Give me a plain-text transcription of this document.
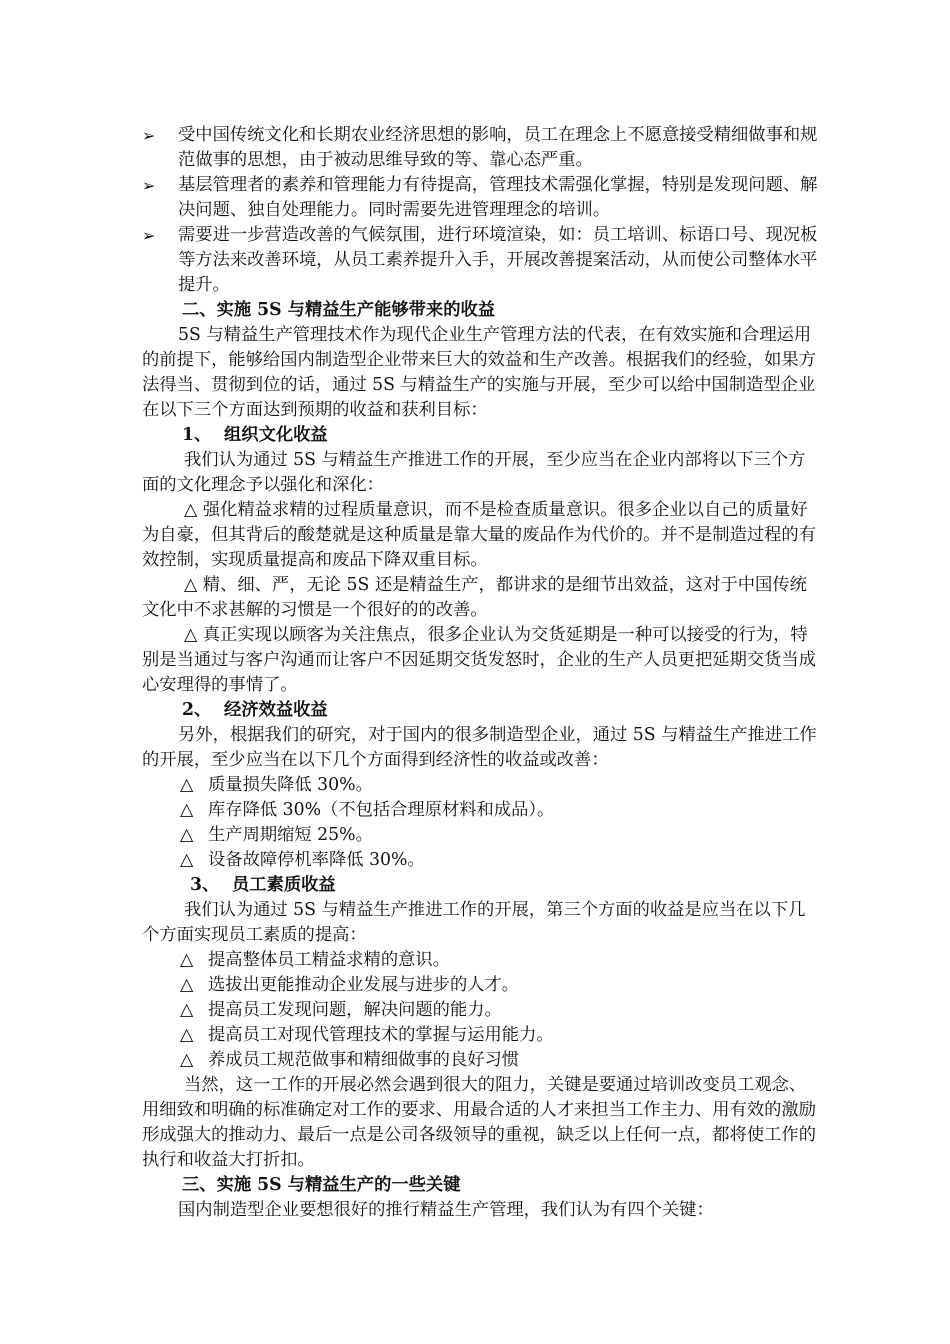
➢	受中国传统文化和长期农业经济思想的影响，员工在理念上不愿意接受精细做事和规范做事的思想，由于被动思维导致的等、靠心态严重。
➢	基层管理者的素养和管理能力有待提高，管理技术需强化掌握，特别是发现问题、解决问题、独自处理能力。同时需要先进管理理念的培训。
➢	需要进一步营造改善的气候氛围，进行环境渲染，如：员工培训、标语口号、现况板等方法来改善环境，从员工素养提升入手，开展改善提案活动，从而使公司整体水平提升。

二、实施 5S 与精益生产能够带来的收益

5S 与精益生产管理技术作为现代企业生产管理方法的代表，在有效实施和合理运用的前提下，能够给国内制造型企业带来巨大的效益和生产改善。根据我们的经验，如果方法得当、贯彻到位的话，通过 5S 与精益生产的实施与开展，至少可以给中国制造型企业在以下三个方面达到预期的收益和获利目标：

1、 组织文化收益

我们认为通过 5S 与精益生产推进工作的开展，至少应当在企业内部将以下三个方面的文化理念予以强化和深化：

△ 强化精益求精的过程质量意识，而不是检查质量意识。很多企业以自己的质量好为自豪，但其背后的酸楚就是这种质量是靠大量的废品作为代价的。并不是制造过程的有效控制，实现质量提高和废品下降双重目标。

△ 精、细、严，无论 5S 还是精益生产，都讲求的是细节出效益，这对于中国传统文化中不求甚解的习惯是一个很好的的改善。

△ 真正实现以顾客为关注焦点，很多企业认为交货延期是一种可以接受的行为，特别是当通过与客户沟通而让客户不因延期交货发怒时，企业的生产人员更把延期交货当成心安理得的事情了。

2、 经济效益收益

另外，根据我们的研究，对于国内的很多制造型企业，通过 5S 与精益生产推进工作的开展，至少应当在以下几个方面得到经济性的收益或改善：

△ 质量损失降低 30%。

△ 库存降低 30%（不包括合理原材料和成品）。

△ 生产周期缩短 25%。

△ 设备故障停机率降低 30%。

3、 员工素质收益

我们认为通过 5S 与精益生产推进工作的开展，第三个方面的收益是应当在以下几个方面实现员工素质的提高：

△ 提高整体员工精益求精的意识。

△ 选拔出更能推动企业发展与进步的人才。

△ 提高员工发现问题，解决问题的能力。

△ 提高员工对现代管理技术的掌握与运用能力。

△ 养成员工规范做事和精细做事的良好习惯

当然，这一工作的开展必然会遇到很大的阻力，关键是要通过培训改变员工观念、用细致和明确的标准确定对工作的要求、用最合适的人才来担当工作主力、用有效的激励形成强大的推动力、最后一点是公司各级领导的重视，缺乏以上任何一点，都将使工作的执行和收益大打折扣。

三、实施 5S 与精益生产的一些关键

国内制造型企业要想很好的推行精益生产管理，我们认为有四个关键：
